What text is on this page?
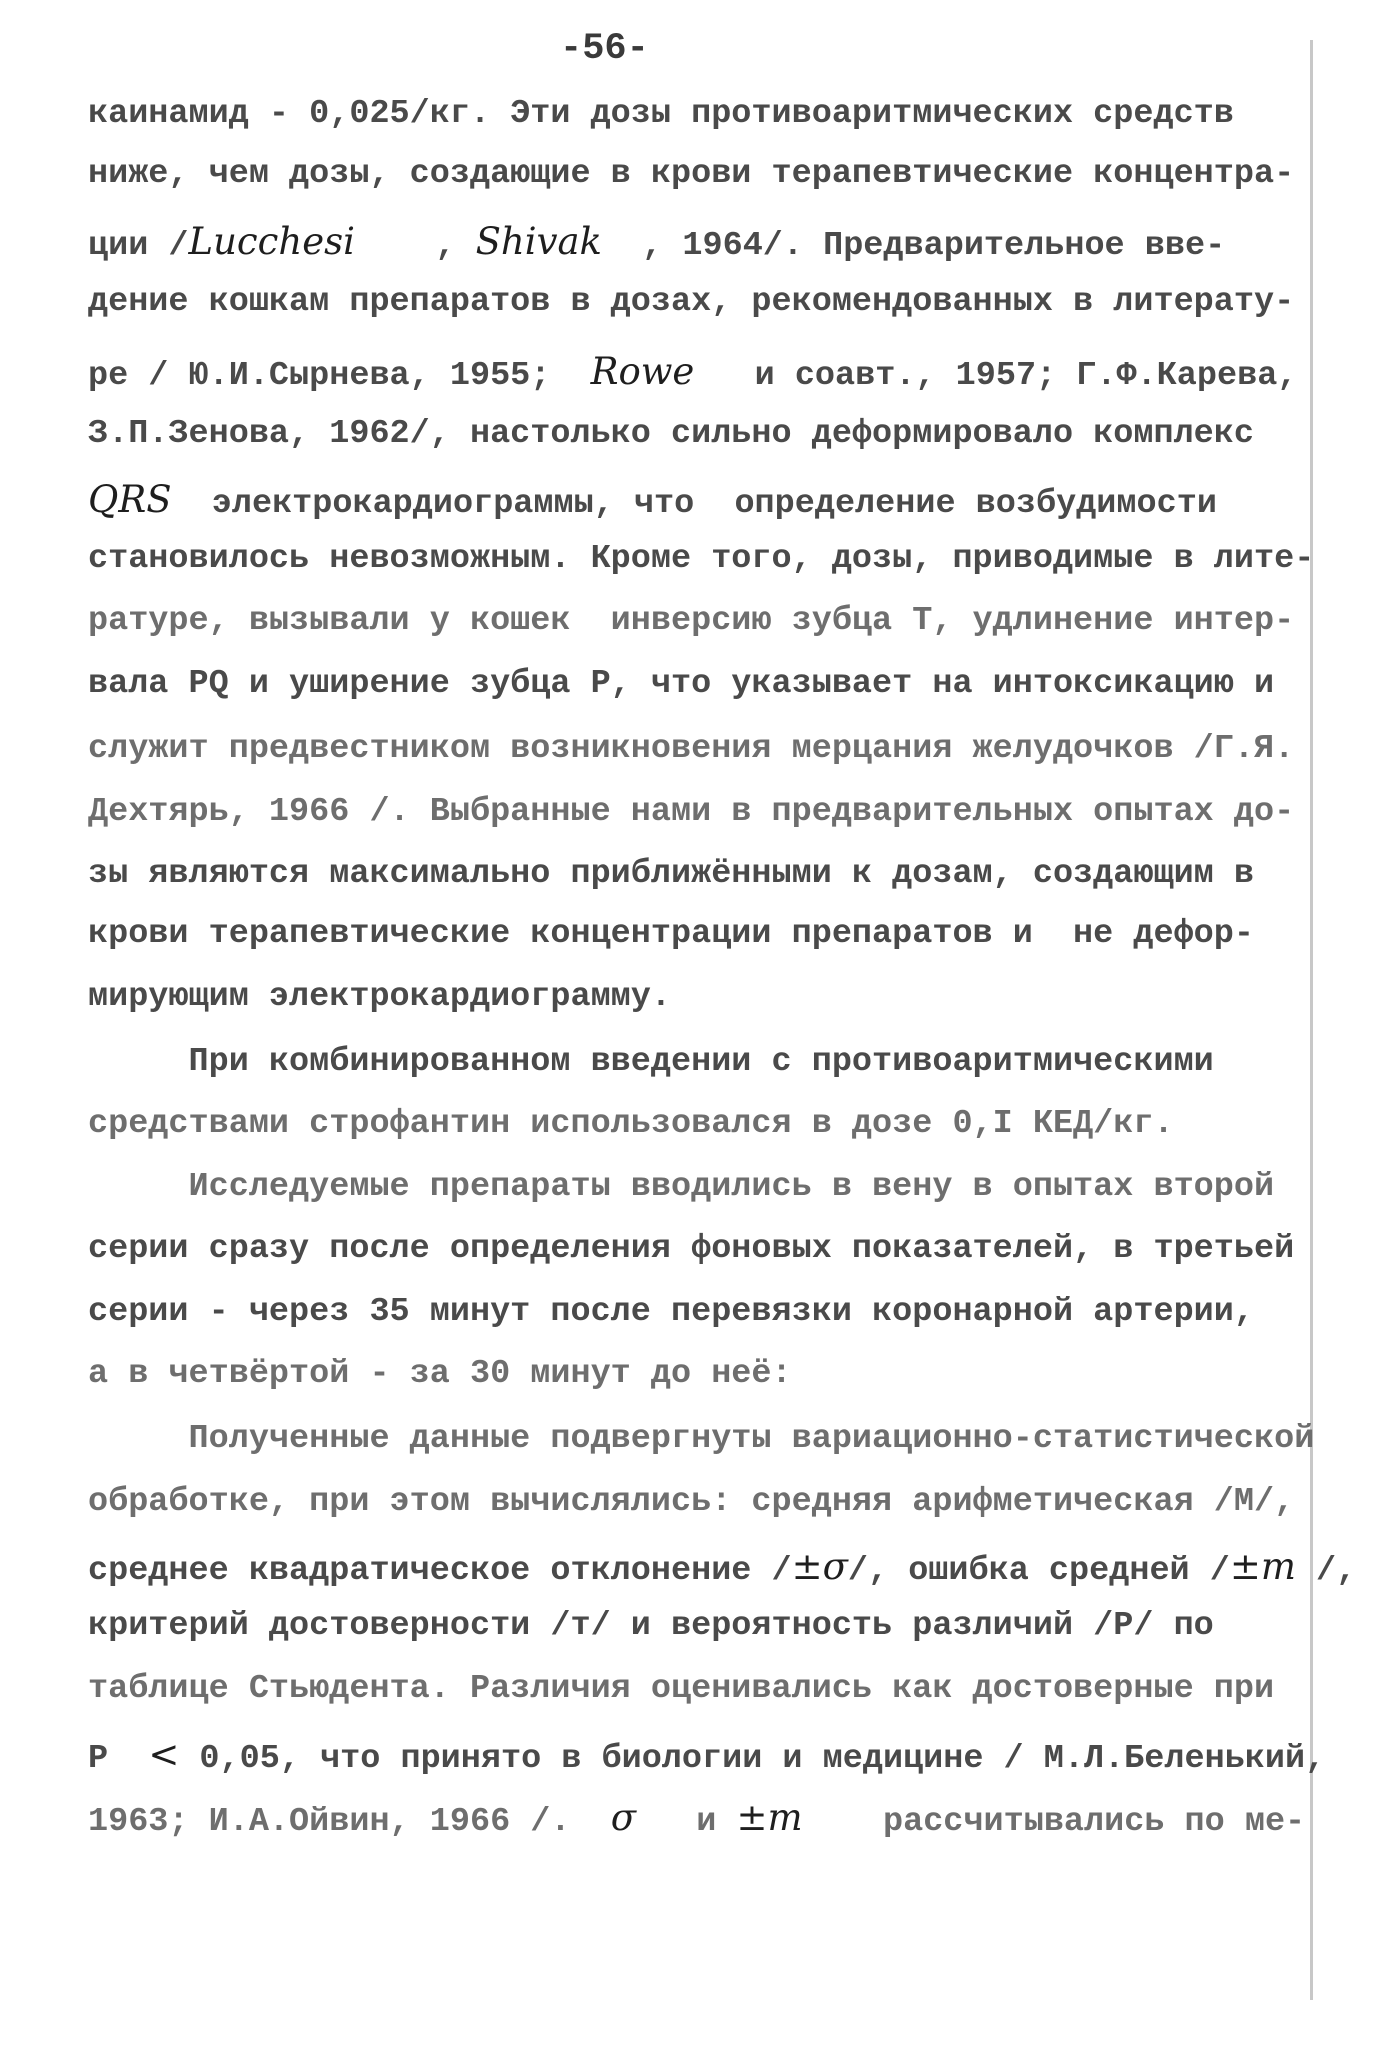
-56-
каинамид - 0,025/кг. Эти дозы противоаритмических средств
ниже, чем дозы, создающие в крови терапевтические концентра-
ции /Lucchesi    , Shivak  , 1964/. Предварительное вве-
дение кошкам препаратов в дозах, рекомендованных в литерату-
ре / Ю.И.Сырнева, 1955;  Rowe   и соавт., 1957; Г.Ф.Карева,
З.П.Зенова, 1962/, настолько сильно деформировало комплекс
QRS  электрокардиограммы, что  определение возбудимости
становилось невозможным. Кроме того, дозы, приводимые в лите-
ратуре, вызывали у кошек  инверсию зубца Т, удлинение интер-
вала PQ и уширение зубца Р, что указывает на интоксикацию и
служит предвестником возникновения мерцания желудочков /Г.Я.
Дехтярь, 1966 /. Выбранные нами в предварительных опытах до-
зы являются максимально приближёнными к дозам, создающим в
крови терапевтические концентрации препаратов и  не дефор-
мирующим электрокардиограмму.
При комбинированном введении с противоаритмическими
средствами строфантин использовался в дозе 0,I КЕД/кг.
Исследуемые препараты вводились в вену в опытах второй
серии сразу после определения фоновых показателей, в третьей
серии - через 35 минут после перевязки коронарной артерии,
а в четвёртой - за 30 минут до неё:
Полученные данные подвергнуты вариационно-статистической
обработке, при этом вычислялись: средняя арифметическая /M/,
среднее квадратическое отклонение /±σ/, ошибка средней /±m /,
критерий достоверности /т/ и вероятность различий /Р/ по
таблице Стьюдента. Различия оценивались как достоверные при
Р  < 0,05, что принято в биологии и медицине / М.Л.Беленький,
1963; И.А.Ойвин, 1966 /.  σ   и ±m    рассчитывались по ме-
